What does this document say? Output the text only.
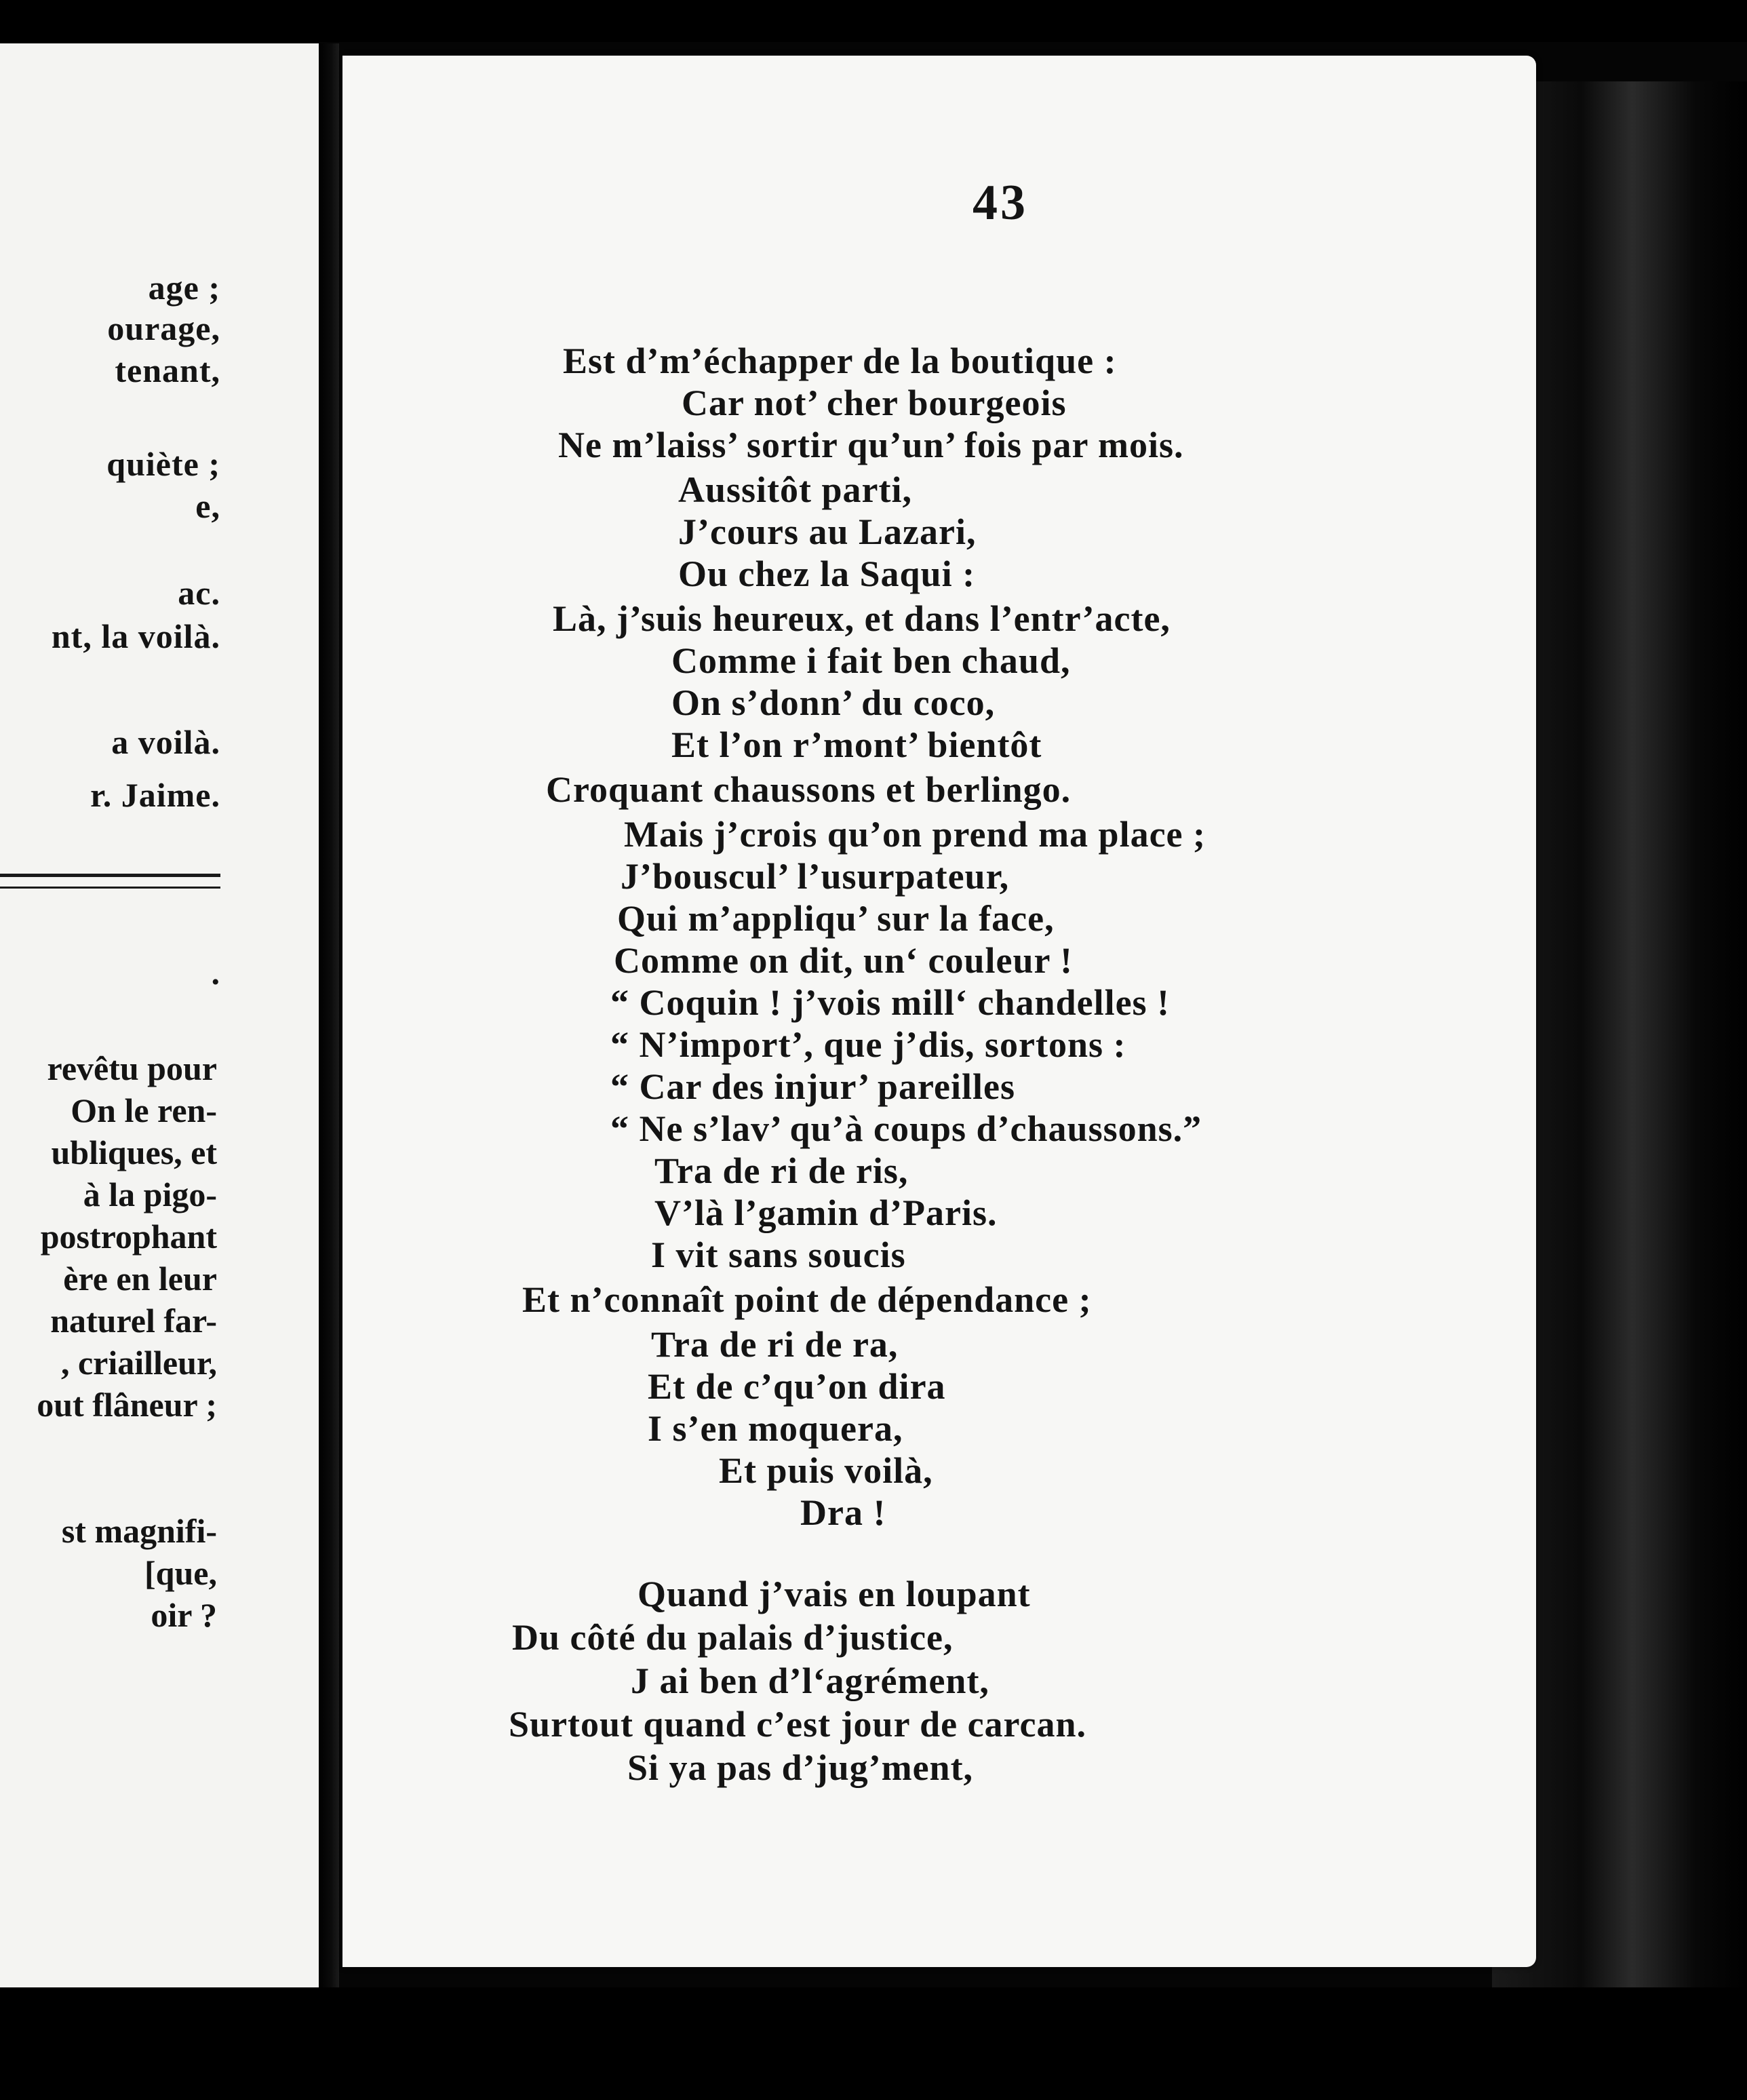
age ;

ourage,

tenant,

quiète ;

e,

ac.

nt, la voilà.

a voilà.

r. Jaime.

.

revêtu pour

On le ren-

ubliques, et

à la pigo-

postrophant

ère en leur

naturel far-

, criailleur,

out flâneur ;

st magnifi-

[que,

oir ?

43

Est d’m’échapper de la boutique :
Car not’ cher bourgeois
Ne m’laiss’ sortir qu’un’ fois par mois.
Aussitôt parti,
J’cours au Lazari,
Ou chez la Saqui :
Là, j’suis heureux, et dans l’entr’acte,
Comme i fait ben chaud,
On s’donn’ du coco,
Et l’on r’mont’ bientôt
Croquant chaussons et berlingo.
Mais j’crois qu’on prend ma place ;
J’bouscul’ l’usurpateur,
Qui m’appliqu’ sur la face,
Comme on dit, un‘ couleur !
“ Coquin ! j’vois mill‘ chandelles !
“ N’import’, que j’dis, sortons :
“ Car des injur’ pareilles
“ Ne s’lav’ qu’à coups d’chaussons.”
Tra de ri de ris,
V’là l’gamin d’Paris.
I vit sans soucis
Et n’connaît point de dépendance ;
Tra de ri de ra,
Et de c’qu’on dira
I s’en moquera,
Et puis voilà,
Dra !
Quand j’vais en loupant
Du côté du palais d’justice,
J ai ben d’l‘agrément,
Surtout quand c’est jour de carcan.
Si ya pas d’jug’ment,
